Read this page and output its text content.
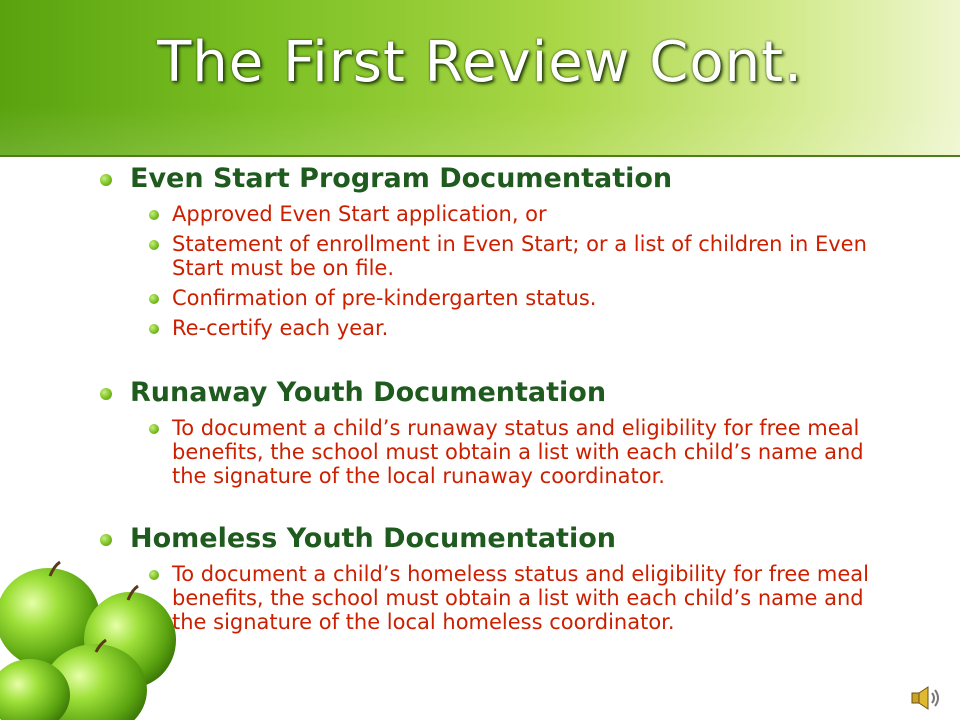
The First Review Cont.
Even Start Program Documentation
Approved Even Start application, or
Statement of enrollment in Even Start; or a list of children in Even Start must be on file.
Confirmation of pre-kindergarten status.
Re-certify each year.
Runaway Youth Documentation
To document a child’s runaway status and eligibility for free meal benefits, the school must obtain a list with each child’s name and the signature of the local runaway coordinator.
Homeless Youth Documentation
To document a child’s homeless status and eligibility for free meal benefits, the school must obtain a list with each child’s name and the signature of the local homeless coordinator.
